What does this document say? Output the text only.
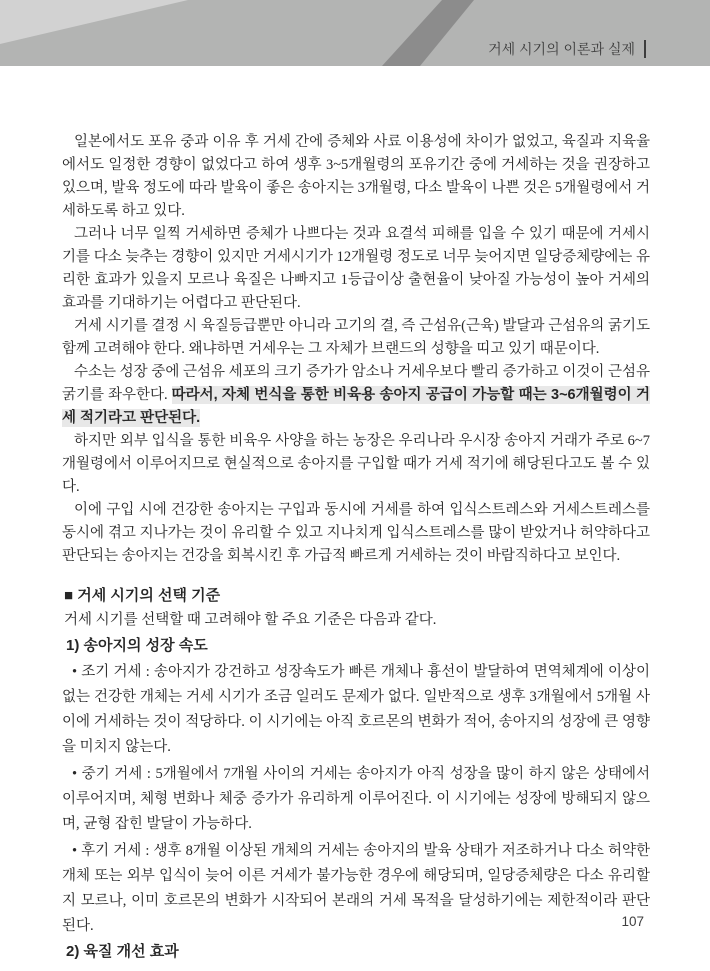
거세 시기의 이론과 실제

일본에서도 포유 중과 이유 후 거세 간에 증체와 사료 이용성에 차이가 없었고, 육질과 지육율에서도 일정한 경향이 없었다고 하여 생후 3~5개월령의 포유기간 중에 거세하는 것을 권장하고 있으며, 발육 정도에 따라 발육이 좋은 송아지는 3개월령, 다소 발육이 나쁜 것은 5개월령에서 거세하도록 하고 있다.

그러나 너무 일찍 거세하면 증체가 나쁘다는 것과 요결석 피해를 입을 수 있기 때문에 거세시기를 다소 늦추는 경향이 있지만 거세시기가 12개월령 정도로 너무 늦어지면 일당증체량에는 유리한 효과가 있을지 모르나 육질은 나빠지고 1등급이상 출현율이 낮아질 가능성이 높아 거세의 효과를 기대하기는 어렵다고 판단된다.

거세 시기를 결정 시 육질등급뿐만 아니라 고기의 결, 즉 근섬유(근육) 발달과 근섬유의 굵기도 함께 고려해야 한다. 왜냐하면 거세우는 그 자체가 브랜드의 성향을 띠고 있기 때문이다.

수소는 성장 중에 근섬유 세포의 크기 증가가 암소나 거세우보다 빨리 증가하고 이것이 근섬유 굵기를 좌우한다. 따라서, 자체 번식을 통한 비육용 송아지 공급이 가능할 때는 3~6개월령이 거세 적기라고 판단된다.

하지만 외부 입식을 통한 비육우 사양을 하는 농장은 우리나라 우시장 송아지 거래가 주로 6~7개월령에서 이루어지므로 현실적으로 송아지를 구입할 때가 거세 적기에 해당된다고도 볼 수 있다.

이에 구입 시에 건강한 송아지는 구입과 동시에 거세를 하여 입식스트레스와 거세스트레스를 동시에 겪고 지나가는 것이 유리할 수 있고 지나치게 입식스트레스를 많이 받았거나 허약하다고 판단되는 송아지는 건강을 회복시킨 후 가급적 빠르게 거세하는 것이 바람직하다고 보인다.

■ 거세 시기의 선택 기준

거세 시기를 선택할 때 고려해야 할 주요 기준은 다음과 같다.

1) 송아지의 성장 속도

• 조기 거세 : 송아지가 강건하고 성장속도가 빠른 개체나 흉선이 발달하여 면역체계에 이상이 없는 건강한 개체는 거세 시기가 조금 일러도 문제가 없다. 일반적으로 생후 3개월에서 5개월 사이에 거세하는 것이 적당하다. 이 시기에는 아직 호르몬의 변화가 적어, 송아지의 성장에 큰 영향을 미치지 않는다.

• 중기 거세 : 5개월에서 7개월 사이의 거세는 송아지가 아직 성장을 많이 하지 않은 상태에서 이루어지며, 체형 변화나 체중 증가가 유리하게 이루어진다. 이 시기에는 성장에 방해되지 않으며, 균형 잡힌 발달이 가능하다.

• 후기 거세 : 생후 8개월 이상된 개체의 거세는 송아지의 발육 상태가 저조하거나 다소 허약한 개체 또는 외부 입식이 늦어 이른 거세가 불가능한 경우에 해당되며, 일당증체량은 다소 유리할지 모르나, 이미 호르몬의 변화가 시작되어 본래의 거세 목적을 달성하기에는 제한적이라 판단된다.

2) 육질 개선 효과

107
